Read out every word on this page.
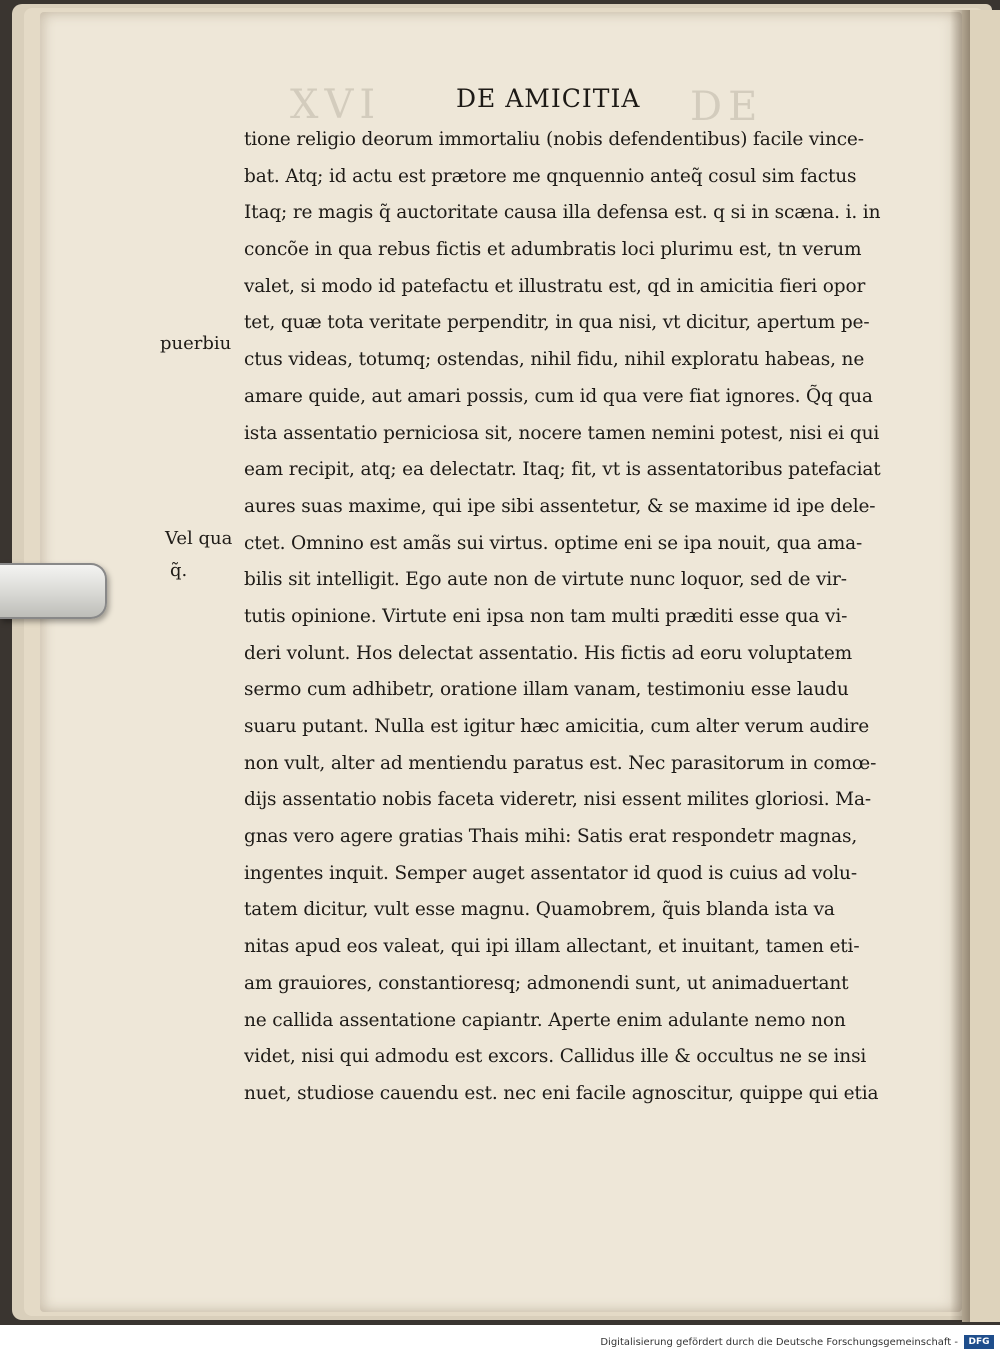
XVI	DE
DE AMICITIA
puerbiu
Vel qua
q̃.
tione religio deorum immortaliu (nobis defendentibus) facile vince-
bat. Atq; id actu est prætore me qnquennio anteq̃ cosul sim factus
Itaq; re magis q̃ auctoritate causa illa defensa est. q si in scæna. i. in
concõe in qua rebus fictis et adumbratis loci plurimu est, tn verum
valet, si modo id patefactu et illustratu est, qd in amicitia fieri opor
tet, quæ tota veritate perpenditr, in qua nisi, vt dicitur, apertum pe-
ctus videas, totumq; ostendas, nihil fidu, nihil exploratu habeas, ne
amare quide, aut amari possis, cum id qua vere fiat ignores. Q̃q qua
ista assentatio perniciosa sit, nocere tamen nemini potest, nisi ei qui
eam recipit, atq; ea delectatr. Itaq; fit, vt is assentatoribus patefaciat
aures suas maxime, qui ipe sibi assentetur, & se maxime id ipe dele-
ctet. Omnino est amãs sui virtus. optime eni se ipa nouit, qua ama-
bilis sit intelligit. Ego aute non de virtute nunc loquor, sed de vir-
tutis opinione. Virtute eni ipsa non tam multi præditi esse qua vi-
deri volunt. Hos delectat assentatio. His fictis ad eoru voluptatem
sermo cum adhibetr, oratione illam vanam, testimoniu esse laudu
suaru putant. Nulla est igitur hæc amicitia, cum alter verum audire
non vult, alter ad mentiendu paratus est. Nec parasitorum in comœ-
dijs assentatio nobis faceta videretr, nisi essent milites gloriosi. Ma-
gnas vero agere gratias Thais mihi: Satis erat respondetr magnas,
ingentes inquit. Semper auget assentator id quod is cuius ad volu-
tatem dicitur, vult esse magnu. Quamobrem, q̃uis blanda ista va
nitas apud eos valeat, qui ipi illam allectant, et inuitant, tamen eti-
am grauiores, constantioresq; admonendi sunt, ut animaduertant
ne callida assentatione capiantr. Aperte enim adulante nemo non
videt, nisi qui admodu est excors. Callidus ille & occultus ne se insi
nuet, studiose cauendu est. nec eni facile agnoscitur, quippe qui etia
Digitalisierung gefördert durch die Deutsche Forschungsgemeinschaft -	DFG
